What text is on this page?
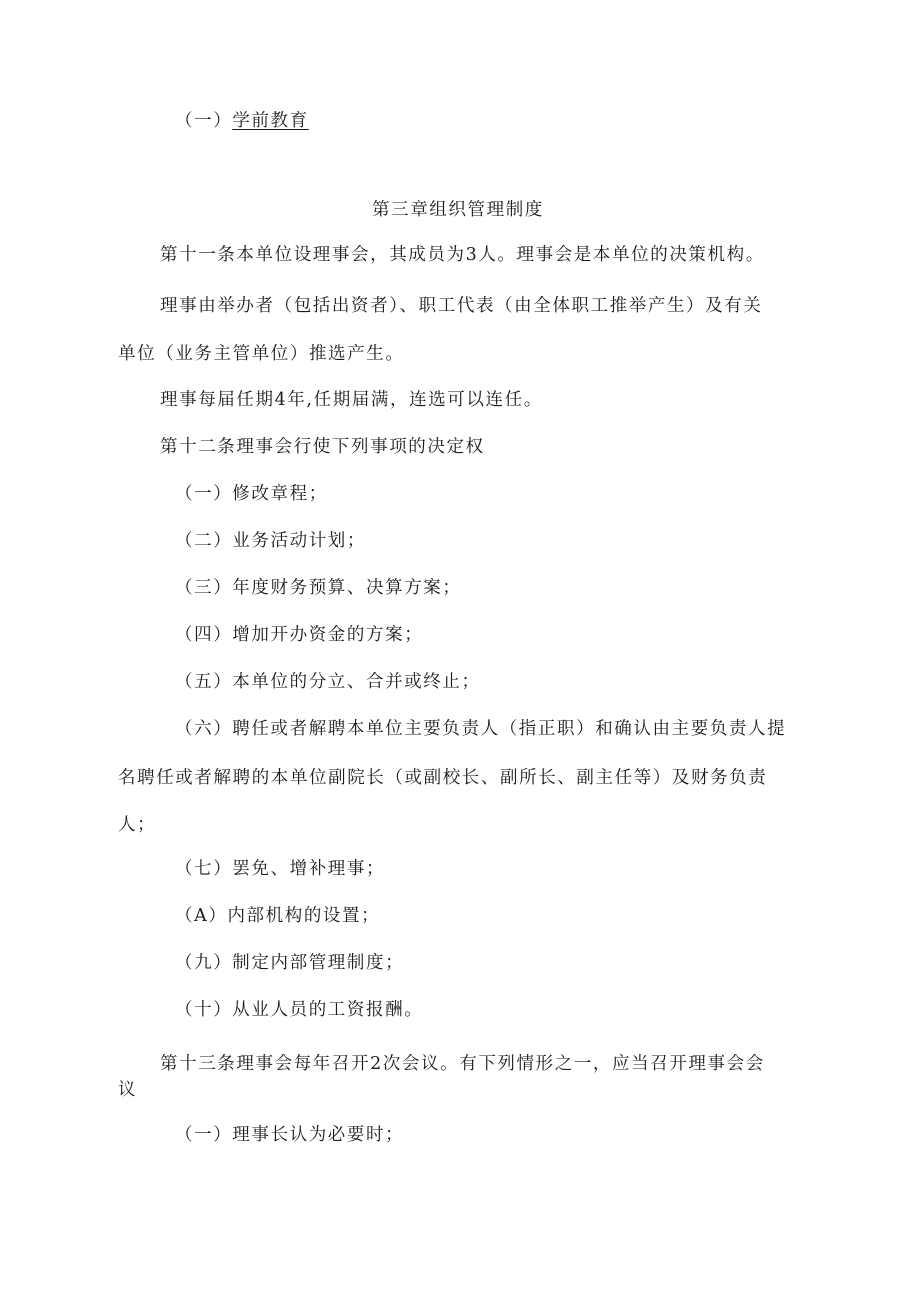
（一）学前教育
第三章组织管理制度
第十一条本单位设理事会，其成员为3人。理事会是本单位的决策机构。
理事由举办者（包括出资者）、职工代表（由全体职工推举产生）及有关
单位（业务主管单位）推选产生。
理事每届任期4年,任期届满，连选可以连任。
第十二条理事会行使下列事项的决定权
（一）修改章程；
（二）业务活动计划；
（三）年度财务预算、决算方案；
（四）增加开办资金的方案；
（五）本单位的分立、合并或终止；
（六）聘任或者解聘本单位主要负责人（指正职）和确认由主要负责人提
名聘任或者解聘的本单位副院长（或副校长、副所长、副主任等）及财务负责
人；
（七）罢免、增补理事；
（A）内部机构的设置；
（九）制定内部管理制度；
（十）从业人员的工资报酬。
第十三条理事会每年召开2次会议。有下列情形之一，应当召开理事会会
议
（一）理事长认为必要时；
